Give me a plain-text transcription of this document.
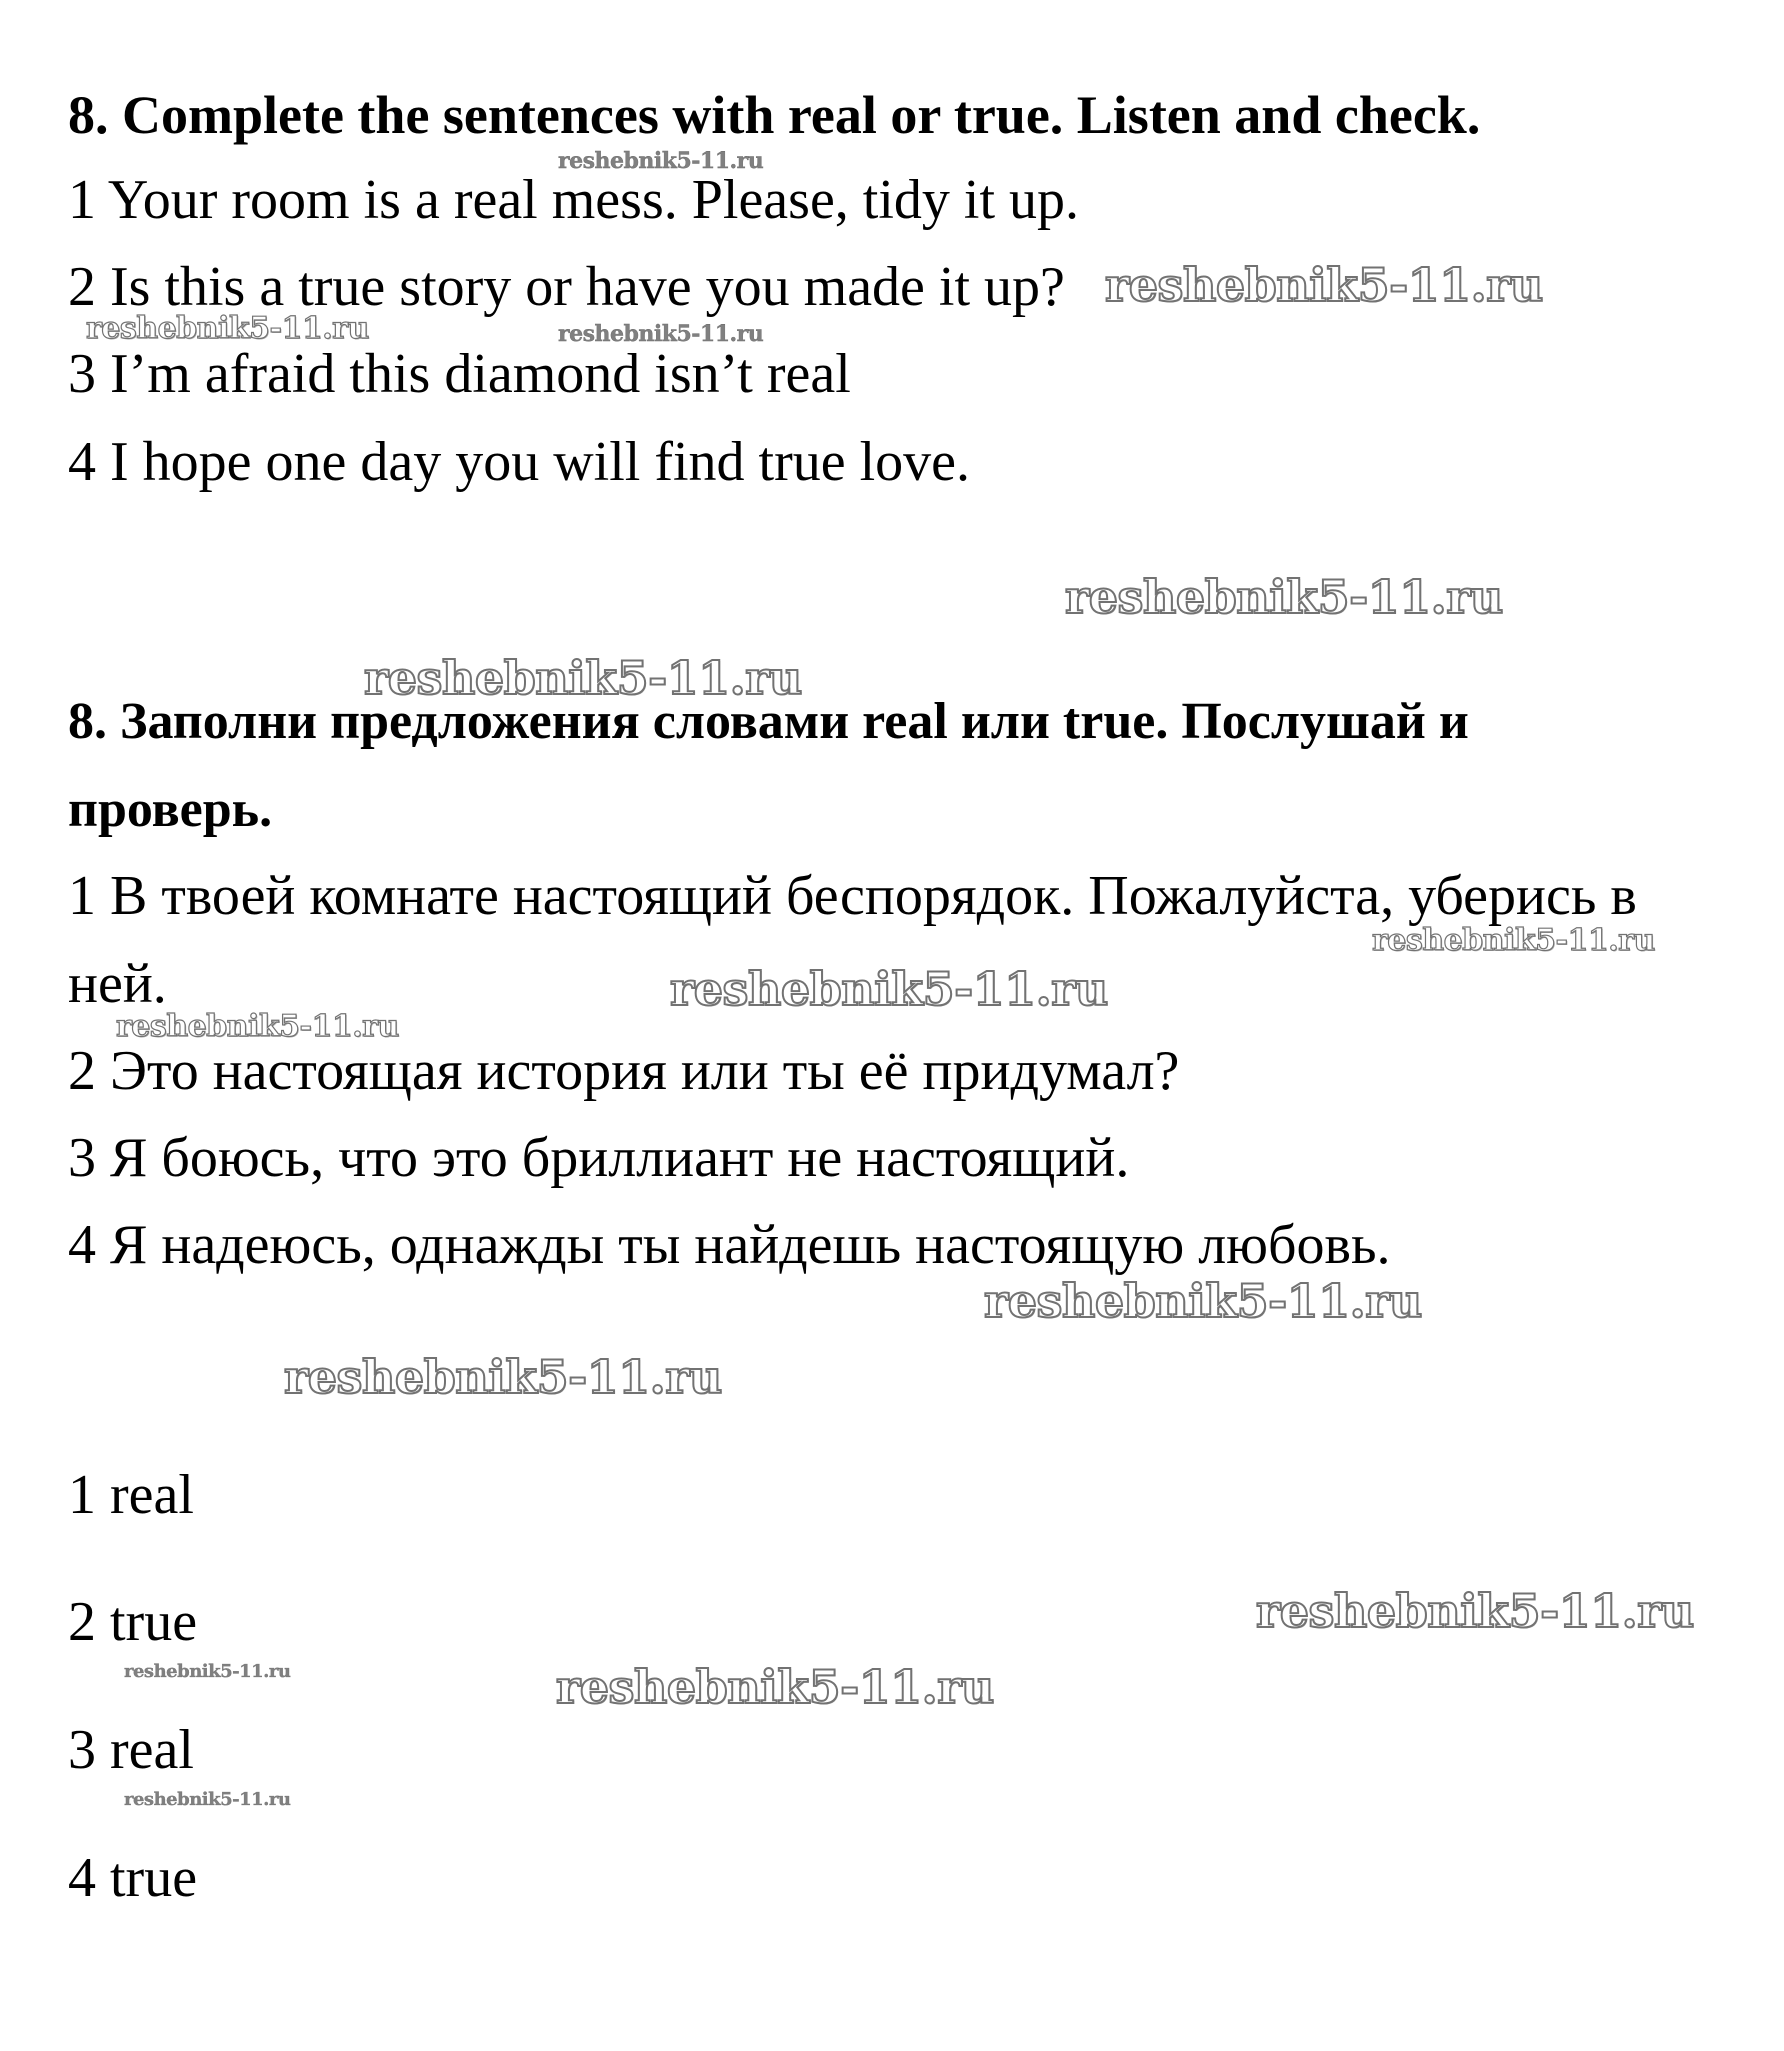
8. Complete the sentences with real or true. Listen and check.
1 Your room is a real mess. Please, tidy it up.
2 Is this a true story or have you made it up?
3 I’m afraid this diamond isn’t real
4 I hope one day you will find true love.
8. Заполни предложения словами real или true. Послушай и
проверь.
1 В твоей комнате настоящий беспорядок. Пожалуйста, уберись в
ней.
2 Это настоящая история или ты её придумал?
3 Я боюсь, что это бриллиант не настоящий.
4 Я надеюсь, однажды ты найдешь настоящую любовь.
1 real
2 true
3 real
4 true
reshebnik5-11.ru
reshebnik5-11.ru
reshebnik5-11.ru	reshebnik5-11.ru
reshebnik5-11.ru
reshebnik5-11.ru
reshebnik5-11.ru
reshebnik5-11.ru
reshebnik5-11.ru
reshebnik5-11.ru
reshebnik5-11.ru
reshebnik5-11.ru
reshebnik5-11.ru	reshebnik5-11.ru
reshebnik5-11.ru
